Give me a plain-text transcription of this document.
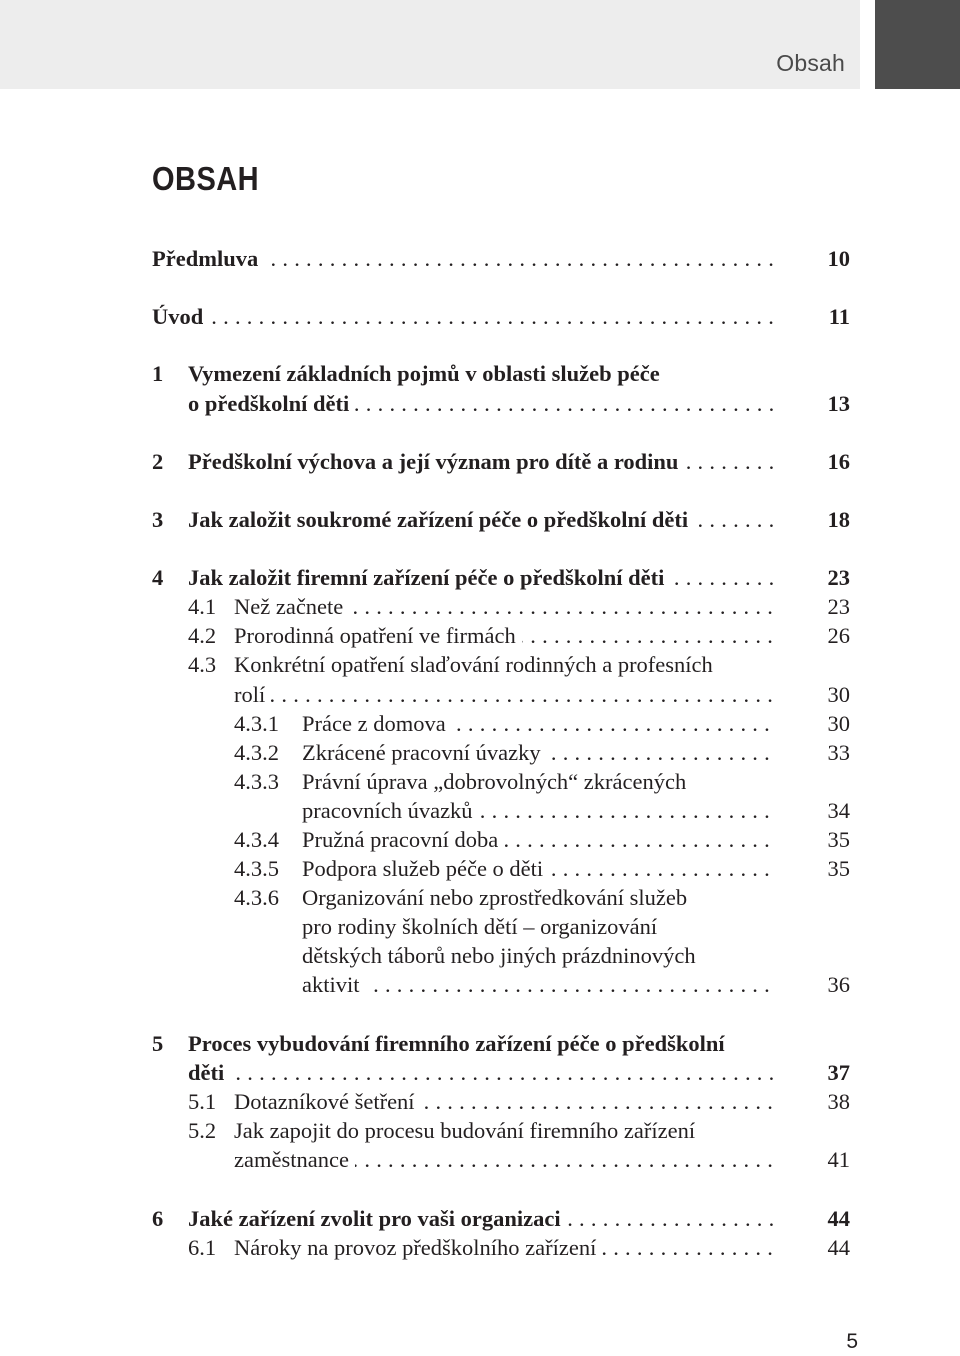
Obsah
OBSAH
Předmluva . . .	10
Úvod . . .	11
1 Vymezení základních pojmů v oblasti služeb péče
o předškolní děti . . .	13
2 Předškolní výchova a její význam pro dítě a rodinu . . .	16
3 Jak založit soukromé zařízení péče o předškolní děti . . .	18
4 Jak založit firemní zařízení péče o předškolní děti . . .	23
4.1 Než začnete . . .	23
4.2 Prorodinná opatření ve firmách . . .	26
4.3 Konkrétní opatření slaďování rodinných a profesních
rolí . . .	30
4.3.1 Práce z domova . . .	30
4.3.2 Zkrácené pracovní úvazky . . .	33
4.3.3 Právní úprava „dobrovolných“ zkrácených
pracovních úvazků . . .	34
4.3.4 Pružná pracovní doba . . .	35
4.3.5 Podpora služeb péče o děti . . .	35
4.3.6 Organizování nebo zprostředkování služeb
pro rodiny školních dětí – organizování
dětských táborů nebo jiných prázdninových
aktivit . . .	36
5 Proces vybudování firemního zařízení péče o předškolní
děti . . .	37
5.1 Dotazníkové šetření . . .	38
5.2 Jak zapojit do procesu budování firemního zařízení
zaměstnance . . .	41
6 Jaké zařízení zvolit pro vaši organizaci . . .	44
6.1 Nároky na provoz předškolního zařízení . . .	44
5
